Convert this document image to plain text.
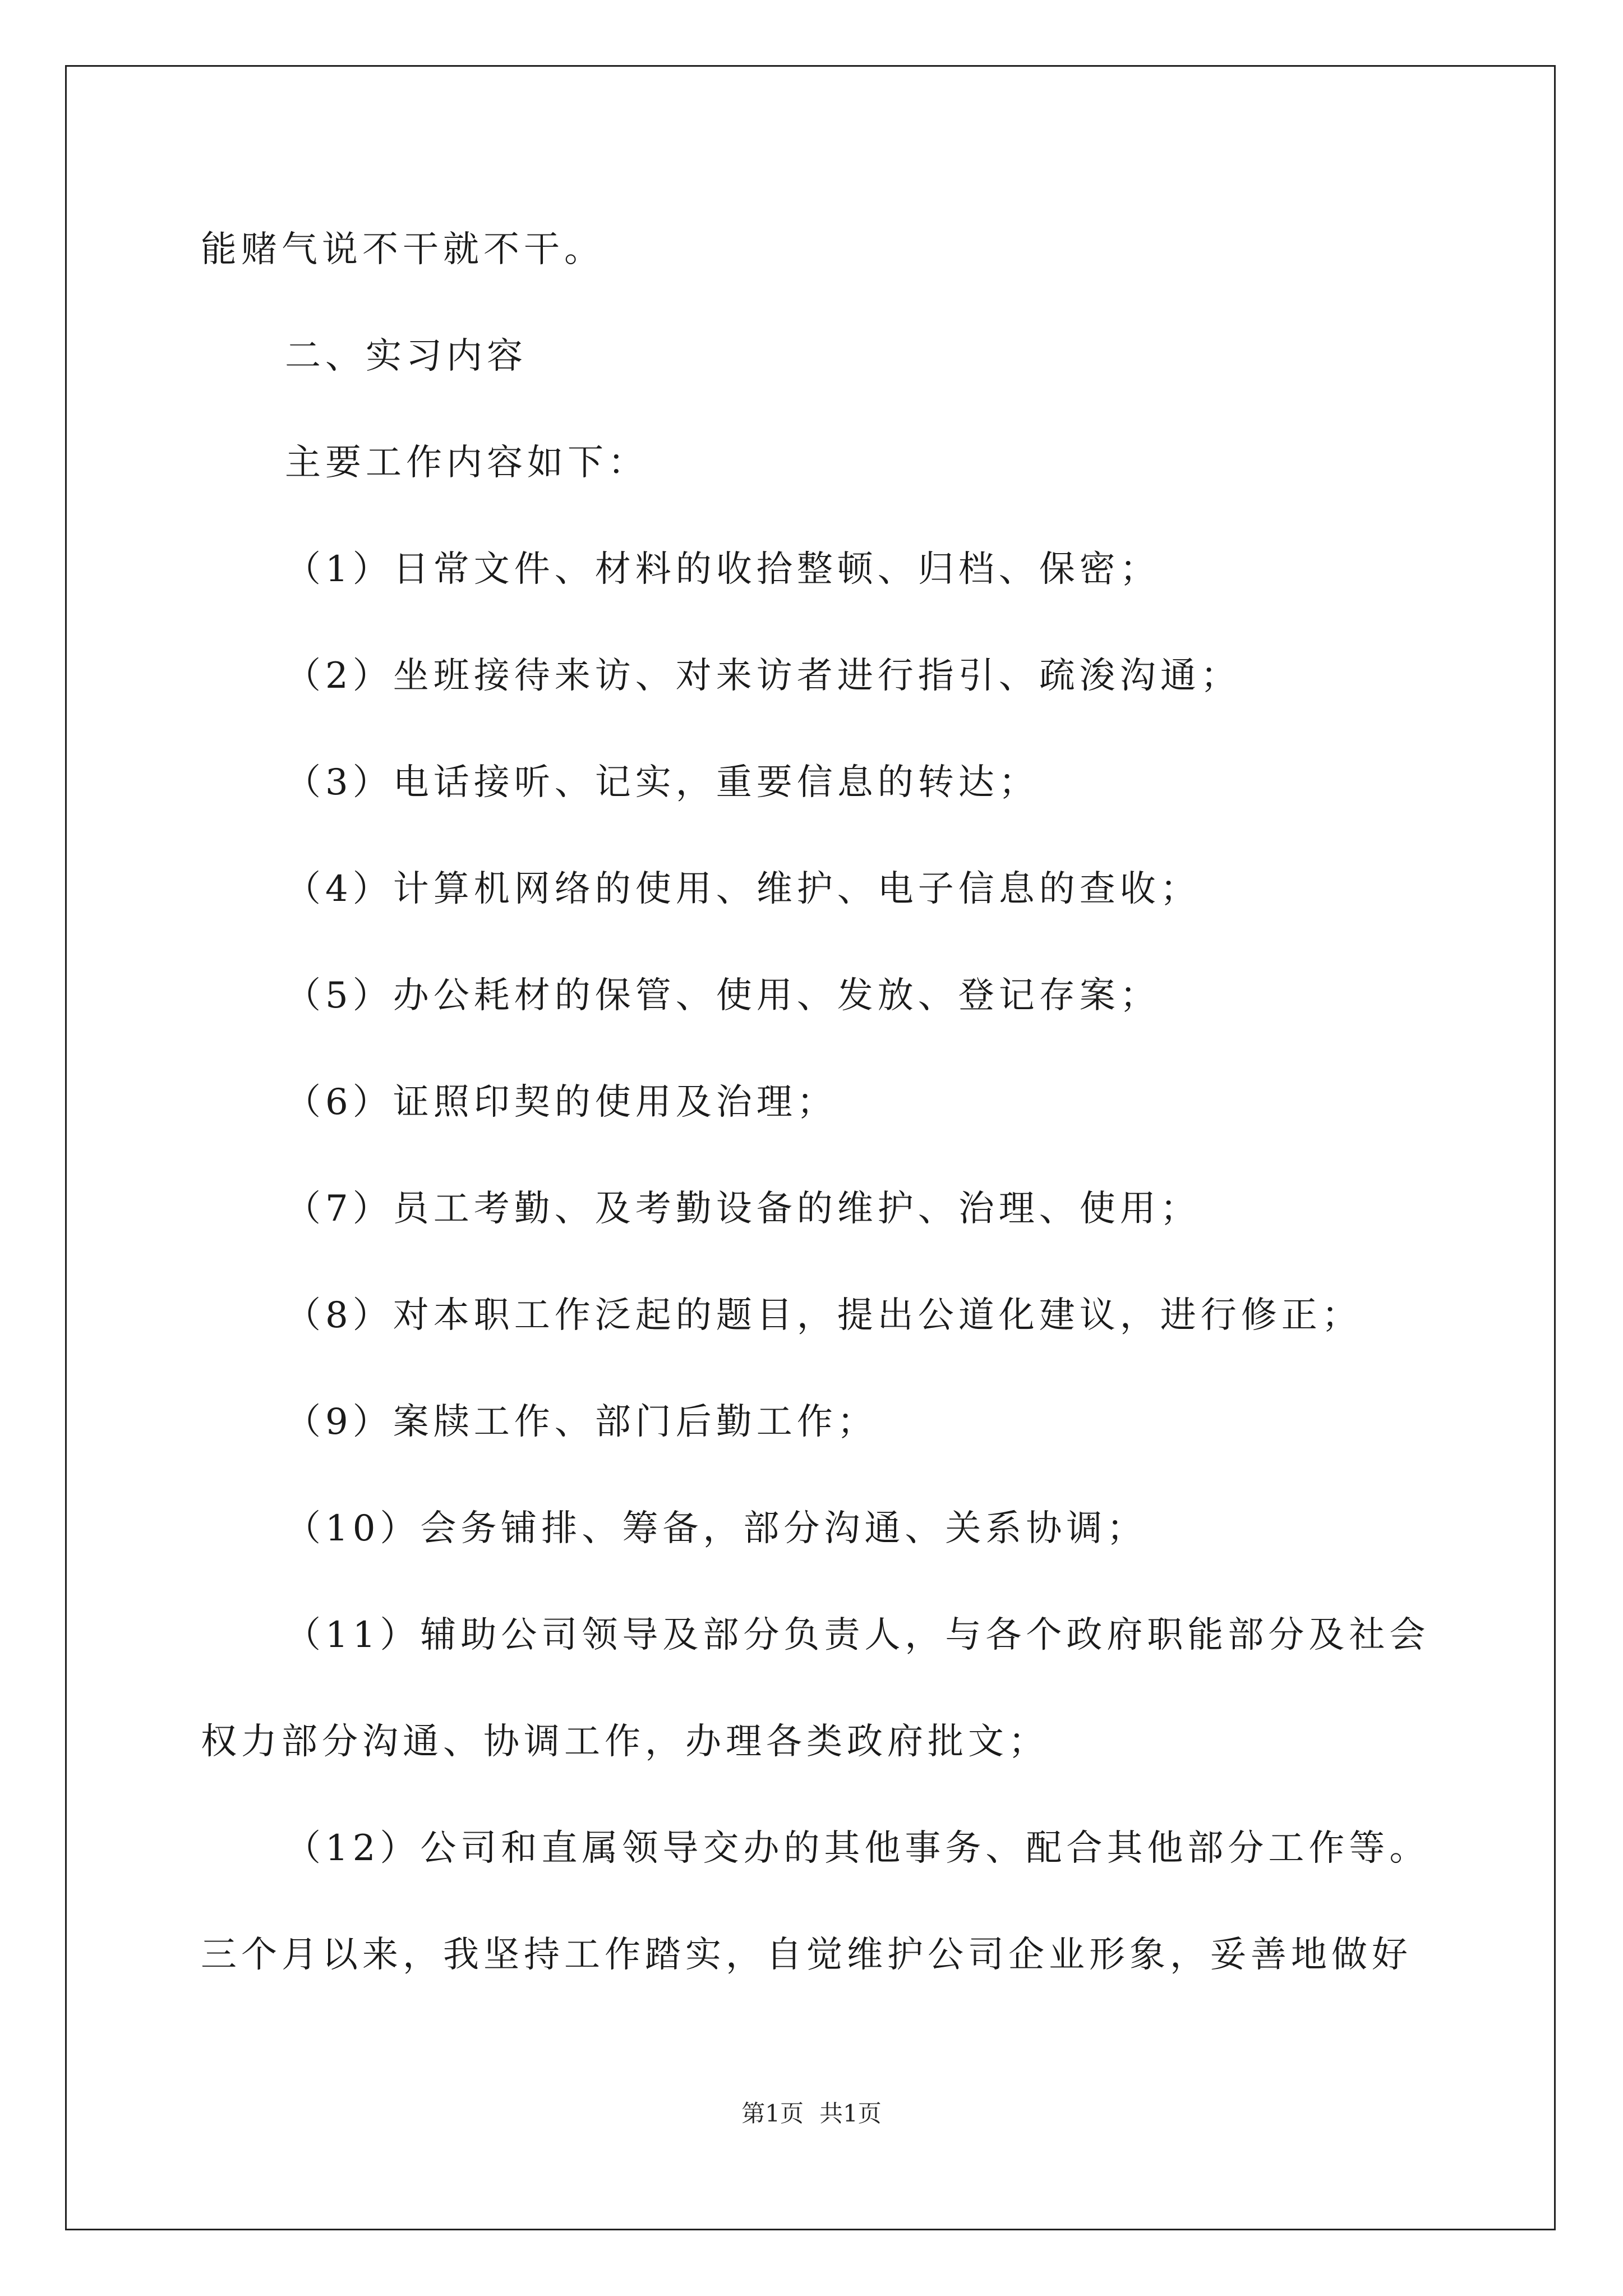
能赌气说不干就不干。
二、实习内容
主要工作内容如下：
（1）日常文件、材料的收拾整顿、归档、保密；
（2）坐班接待来访、对来访者进行指引、疏浚沟通；
（3）电话接听、记实，重要信息的转达；
（4）计算机网络的使用、维护、电子信息的查收；
（5）办公耗材的保管、使用、发放、登记存案；
（6）证照印契的使用及治理；
（7）员工考勤、及考勤设备的维护、治理、使用；
（8）对本职工作泛起的题目，提出公道化建议，进行修正；
（9）案牍工作、部门后勤工作；
（10）会务铺排、筹备，部分沟通、关系协调；
（11）辅助公司领导及部分负责人，与各个政府职能部分及社会
权力部分沟通、协调工作，办理各类政府批文；
（12）公司和直属领导交办的其他事务、配合其他部分工作等。
三个月以来，我坚持工作踏实，自觉维护公司企业形象，妥善地做好
第1页 共1页
